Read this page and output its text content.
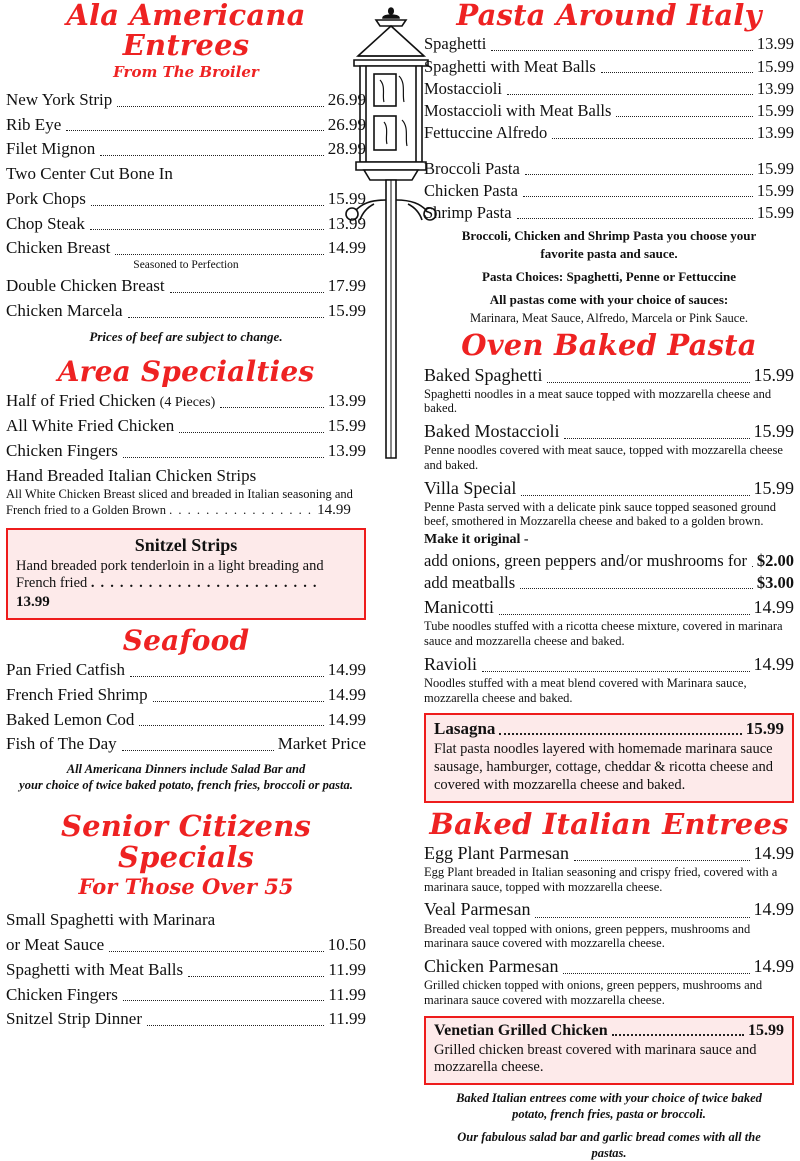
Ala Americana Entrees
From The Broiler
New York Strip	26.99
Rib Eye	26.99
Filet Mignon	28.99
Two Center Cut Bone In
Pork Chops	15.99
Chop Steak	13.99
Chicken Breast	14.99
Seasoned to Perfection
Double Chicken Breast	17.99
Chicken Marcela	15.99
Prices of beef are subject to change.
Area Specialties
Half of Fried Chicken (4 Pieces)	13.99
All White Fried Chicken	15.99
Chicken Fingers	13.99
Hand Breaded Italian Chicken Strips
All White Chicken Breast sliced and breaded in Italian seasoning and French fried to a Golden Brown . . . . . . . . . . . . . . . . 14.99
Snitzel Strips
Hand breaded pork tenderloin in a light breading and French fried . . . . . . . . . . . . . . . . . . . . . . . . 13.99
Seafood
Pan Fried Catfish	14.99
French Fried Shrimp	14.99
Baked Lemon Cod	14.99
Fish of The Day	Market Price
All Americana Dinners include Salad Bar and
your choice of twice baked potato, french fries, broccoli or pasta.
Senior Citizens Specials
For Those Over 55
Small Spaghetti with Marinara
or Meat Sauce	10.50
Spaghetti with Meat Balls	11.99
Chicken Fingers	11.99
Snitzel Strip Dinner	11.99
Pasta Around Italy
Spaghetti	13.99
Spaghetti with Meat Balls	15.99
Mostaccioli	13.99
Mostaccioli with Meat Balls	15.99
Fettuccine Alfredo	13.99
Broccoli Pasta	15.99
Chicken Pasta	15.99
Shrimp Pasta	15.99
Broccoli, Chicken and Shrimp Pasta you choose your
favorite pasta and sauce.
Pasta Choices: Spaghetti, Penne or Fettuccine
All pastas come with your choice of sauces:
Marinara, Meat Sauce, Alfredo, Marcela or Pink Sauce.
Oven Baked Pasta
Baked Spaghetti	15.99
Spaghetti noodles in a meat sauce topped with mozzarella cheese and baked.
Baked Mostaccioli	15.99
Penne noodles covered with meat sauce, topped with mozzarella cheese and baked.
Villa Special	15.99
Penne Pasta served with a delicate pink sauce topped seasoned ground beef, smothered in Mozzarella cheese and baked to a golden brown.
Make it original -
add onions, green peppers and/or mushrooms for $2.00
add meatballs	$3.00
Manicotti	14.99
Tube noodles stuffed with a ricotta cheese mixture, covered in marinara sauce and mozzarella cheese and baked.
Ravioli	14.99
Noodles stuffed with a meat blend covered with Marinara sauce, mozzarella cheese and baked.
Lasagna	15.99
Flat pasta noodles layered with homemade marinara sauce sausage, hamburger, cottage, cheddar & ricotta cheese and covered with mozzarella cheese and baked.
Baked Italian Entrees
Egg Plant Parmesan	14.99
Egg Plant breaded in Italian seasoning and crispy fried, covered with a marinara sauce, topped with mozzarella cheese.
Veal Parmesan	14.99
Breaded veal topped with onions, green peppers, mushrooms and marinara sauce covered with mozzarella cheese.
Chicken Parmesan	14.99
Grilled chicken topped with onions, green peppers, mushrooms and marinara sauce covered with mozzarella cheese.
Venetian Grilled Chicken	15.99
Grilled chicken breast covered with marinara sauce and mozzarella cheese.
Baked Italian entrees come with your choice of twice baked
potato, french fries, pasta or broccoli.
Our fabulous salad bar and garlic bread comes with all the
pastas.
